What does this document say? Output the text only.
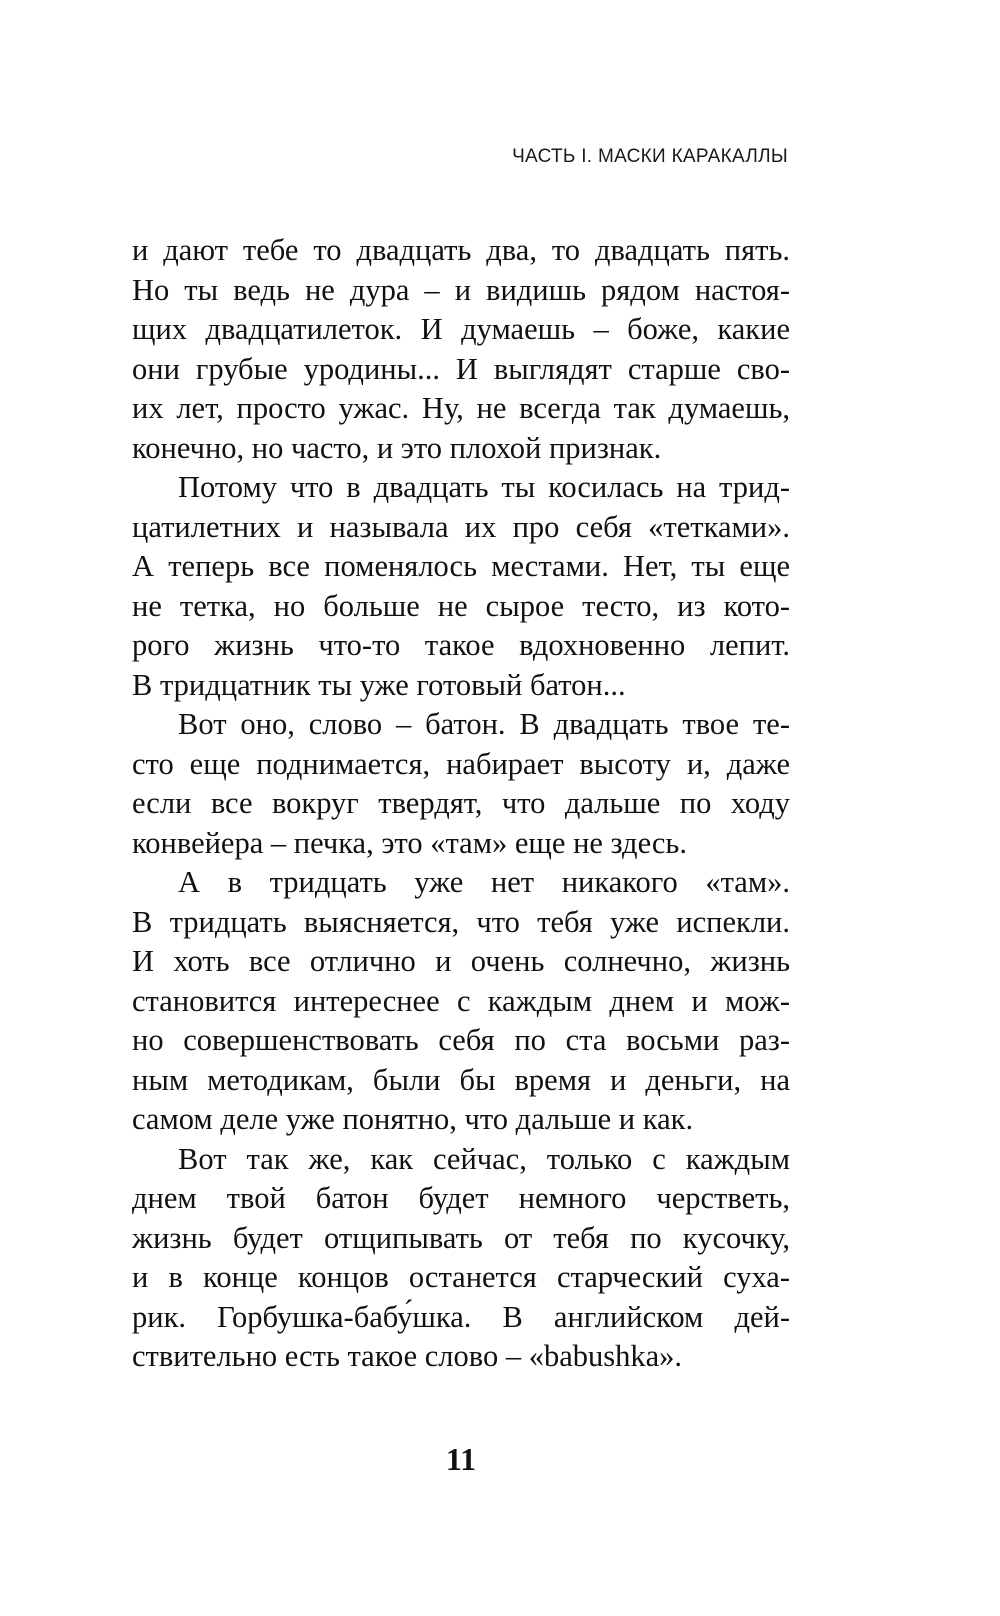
ЧАСТЬ I. МАСКИ КАРАКАЛЛЫ
и дают тебе то двадцать два, то двадцать пять.
Но ты ведь не дура – и видишь рядом настоя-
щих двадцатилеток. И думаешь – боже, какие
они грубые уродины... И выглядят старше сво-
их лет, просто ужас. Ну, не всегда так думаешь,
конечно, но часто, и это плохой признак.
Потому что в двадцать ты косилась на трид-
цатилетних и называла их про себя «тетками».
А теперь все поменялось местами. Нет, ты еще
не тетка, но больше не сырое тесто, из кото-
рого жизнь что-то такое вдохновенно лепит.
В тридцатник ты уже готовый батон...
Вот оно, слово – батон. В двадцать твое те-
сто еще поднимается, набирает высоту и, даже
если все вокруг твердят, что дальше по ходу
конвейера – печка, это «там» еще не здесь.
А в тридцать уже нет никакого «там».
В тридцать выясняется, что тебя уже испекли.
И хоть все отлично и очень солнечно, жизнь
становится интереснее с каждым днем и мож-
но совершенствовать себя по ста восьми раз-
ным методикам, были бы время и деньги, на
самом деле уже понятно, что дальше и как.
Вот так же, как сейчас, только с каждым
днем твой батон будет немного черстветь,
жизнь будет отщипывать от тебя по кусочку,
и в конце концов останется старческий суха-
рик. Горбушка-бабу́шка. В английском дей-
ствительно есть такое слово – «babushka».
11
